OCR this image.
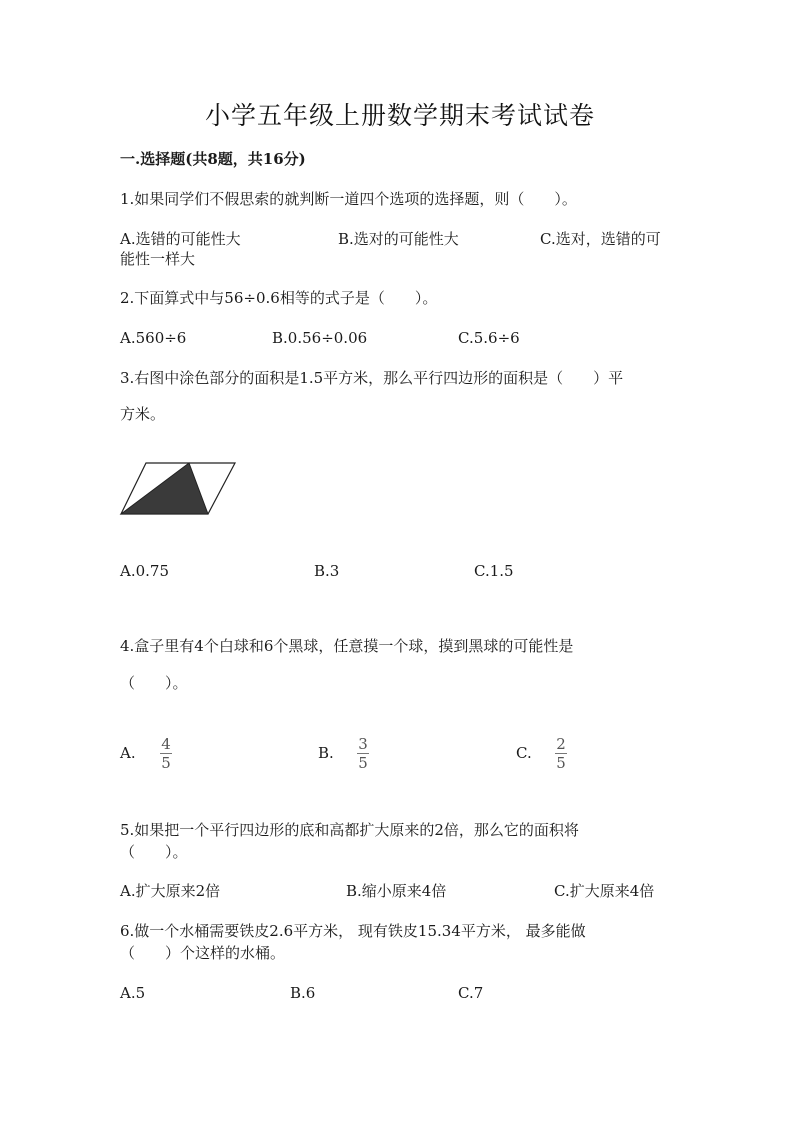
小学五年级上册数学期末考试试卷
一.选择题(共8题，共16分)
1.如果同学们不假思索的就判断一道四个选项的选择题，则（　　）。
A.选错的可能性大	B.选对的可能性大	C.选对，选错的可
能性一样大
2.下面算式中与56÷0.6相等的式子是（　　）。
A.560÷6	B.0.56÷0.06	C.5.6÷6
3.右图中涂色部分的面积是1.5平方米，那么平行四边形的面积是（　　）平
方米。
A.0.75	B.3	C.1.5
4.盒子里有4个白球和6个黑球，任意摸一个球，摸到黑球的可能性是
（　　）。
A. 4
5
B. 3
5
C. 2
5
5.如果把一个平行四边形的底和高都扩大原来的2倍，那么它的面积将
（　　）。
A.扩大原来2倍	B.缩小原来4倍	C.扩大原来4倍
6.做一个水桶需要铁皮2.6平方米， 现有铁皮15.34平方米， 最多能做
（　　）个这样的水桶。
A.5	B.6	C.7
